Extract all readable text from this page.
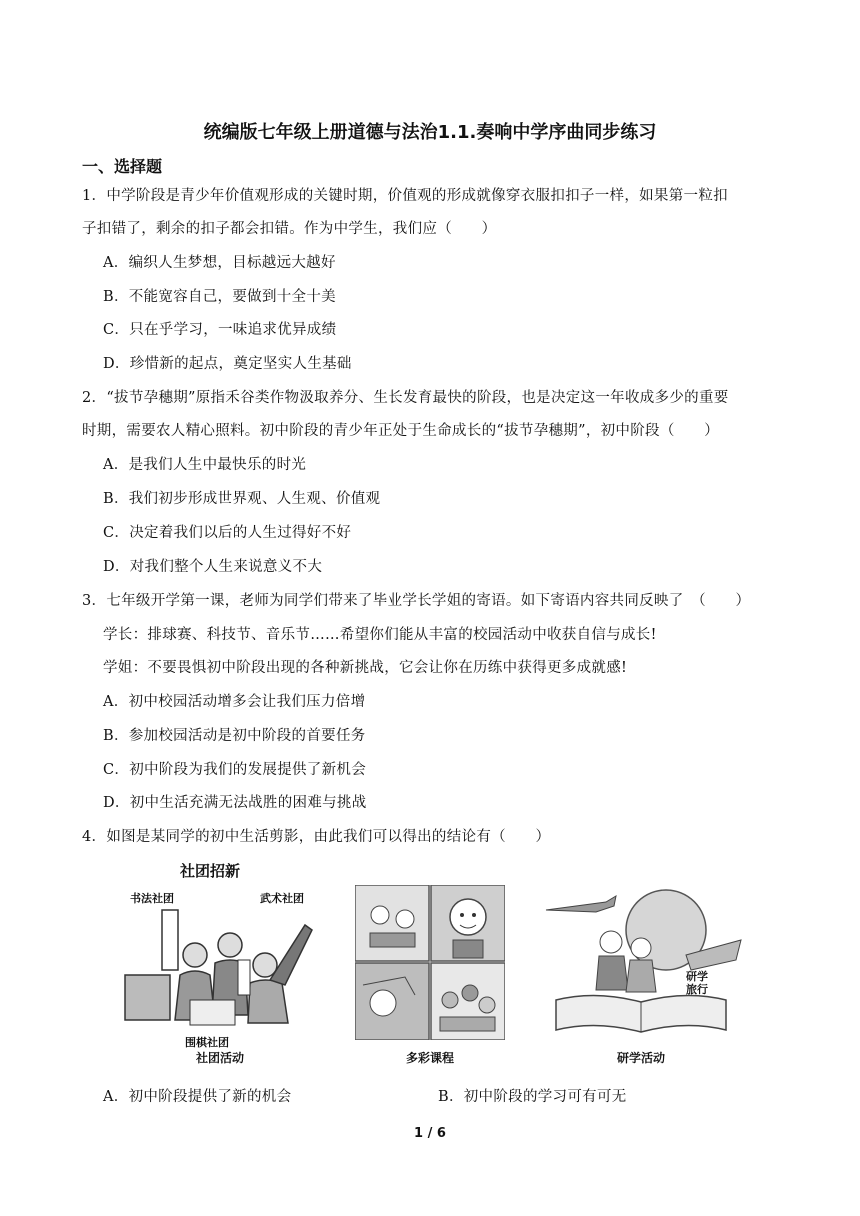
统编版七年级上册道德与法治1.1.奏响中学序曲同步练习
一、选择题
1．中学阶段是青少年价值观形成的关键时期，价值观的形成就像穿衣服扣扣子一样，如果第一粒扣
子扣错了，剩余的扣子都会扣错。作为中学生，我们应（　　）
A．编织人生梦想，目标越远大越好
B．不能宽容自己，要做到十全十美
C．只在乎学习，一味追求优异成绩
D．珍惜新的起点，奠定坚实人生基础
2．“拔节孕穗期”原指禾谷类作物汲取养分、生长发育最快的阶段，也是决定这一年收成多少的重要
时期，需要农人精心照料。初中阶段的青少年正处于生命成长的“拔节孕穗期”，初中阶段（　　）
A．是我们人生中最快乐的时光
B．我们初步形成世界观、人生观、价值观
C．决定着我们以后的人生过得好不好
D．对我们整个人生来说意义不大
3．七年级开学第一课，老师为同学们带来了毕业学长学姐的寄语。如下寄语内容共同反映了　（　　）
学长：排球赛、科技节、音乐节……希望你们能从丰富的校园活动中收获自信与成长!
学姐：不要畏惧初中阶段出现的各种新挑战，它会让你在历练中获得更多成就感!
A．初中校园活动增多会让我们压力倍增
B．参加校园活动是初中阶段的首要任务
C．初中阶段为我们的发展提供了新机会
D．初中生活充满无法战胜的困难与挑战
4．如图是某同学的初中生活剪影，由此我们可以得出的结论有（　　）
社团招新
书法社团	武术社团
围棋社团
社团活动	多彩课程
研学旅行
研学活动
A．初中阶段提供了新的机会	B．初中阶段的学习可有可无
1 / 6
